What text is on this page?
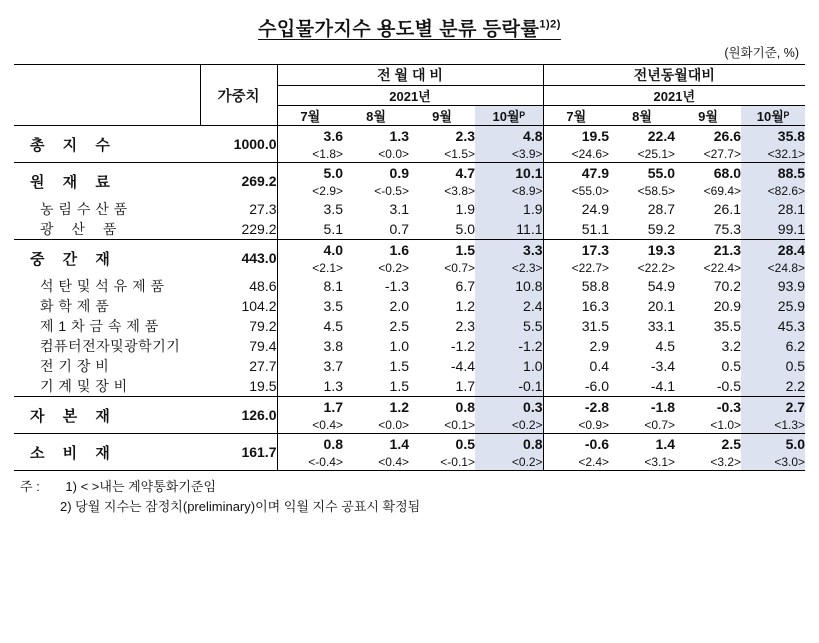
수입물가지수 용도별 분류 등락률$^{1)2)}$
(원화기준, %)
	가중치	전 월 대 비				전년동월대비			
		2021년				2021년			
		7월	8월	9월	10월ᴾ	7월	8월	9월	10월ᴾ
총 지 수	1000.0	3.6	1.3	2.3	4.8	19.5	22.4	26.6	35.8
		<1.8>	<0.0>	<1.5>	<3.9>	<24.6>	<25.1>	<27.7>	<32.1>
원 재 료	269.2	5.0	0.9	4.7	10.1	47.9	55.0	68.0	88.5
		<2.9>	<-0.5>	<3.8>	<8.9>	<55.0>	<58.5>	<69.4>	<82.6>
농 림 수 산 품	27.3	3.5	3.1	1.9	1.9	24.9	28.7	26.1	28.1
광 산 품	229.2	5.1	0.7	5.0	11.1	51.1	59.2	75.3	99.1
중 간 재	443.0	4.0	1.6	1.5	3.3	17.3	19.3	21.3	28.4
		<2.1>	<0.2>	<0.7>	<2.3>	<22.7>	<22.2>	<22.4>	<24.8>
석 탄 및 석 유 제 품	48.6	8.1	-1.3	6.7	10.8	58.8	54.9	70.2	93.9
화 학 제 품	104.2	3.5	2.0	1.2	2.4	16.3	20.1	20.9	25.9
제 1 차 금 속 제 품	79.2	4.5	2.5	2.3	5.5	31.5	33.1	35.5	45.3
컴퓨터전자및광학기기	79.4	3.8	1.0	-1.2	-1.2	2.9	4.5	3.2	6.2
전 기 장 비	27.7	3.7	1.5	-4.4	1.0	0.4	-3.4	0.5	0.5
기 계 및 장 비	19.5	1.3	1.5	1.7	-0.1	-6.0	-4.1	-0.5	2.2
자 본 재	126.0	1.7	1.2	0.8	0.3	-2.8	-1.8	-0.3	2.7
		<0.4>	<0.0>	<0.1>	<0.2>	<0.9>	<0.7>	<1.0>	<1.3>
소 비 재	161.7	0.8	1.4	0.5	0.8	-0.6	1.4	2.5	5.0
		<-0.4>	<0.4>	<-0.1>	<0.2>	<2.4>	<3.1>	<3.2>	<3.0>
주 : 1) < >내는 계약통화기준임
2) 당월 지수는 잠정치(preliminary)이며 익월 지수 공표시 확정됨
